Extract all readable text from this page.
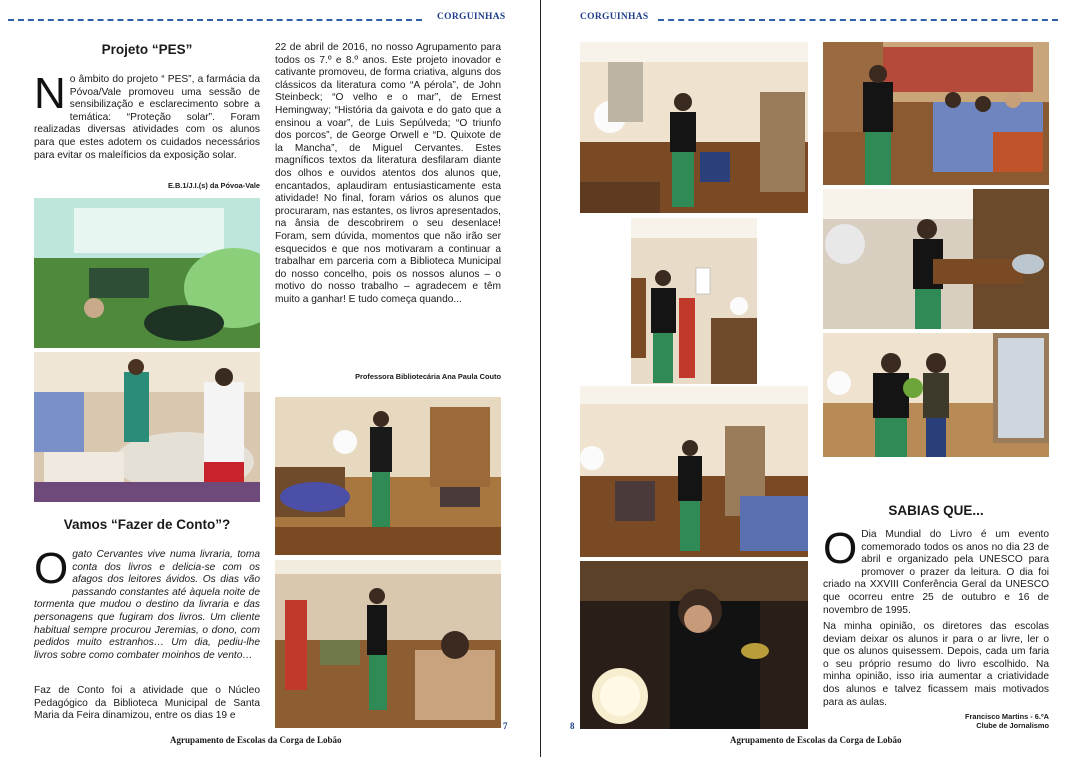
CORGUINHAS	CORGUINHAS
Projeto “PES”
No âmbito do projeto “ PES”, a farmácia da Póvoa/Vale promoveu uma sessão de sensibilização e esclarecimento sobre a temática: “Proteção solar”. Foram realizadas diversas atividades com os alunos para que estes adotem os cuidados necessários para evitar os maleíficios da exposição solar.
E.B.1/J.I.(s) da Póvoa-Vale
Vamos “Fazer de Conto”?
Ogato Cervantes vive numa livraria, toma conta dos livros e delicia-se com os afagos dos leitores ávidos. Os dias vão passando constantes até àquela noite de tormenta que mudou o destino da livraria e das personagens que fugiram dos livros. Um cliente habitual sempre procurou Jeremias, o dono, com pedidos muito estranhos… Um dia, pediu-lhe livros sobre como combater moinhos de vento…
Faz de Conto foi a atividade que o Núcleo Pedagógico da Biblioteca Municipal de Santa Maria da Feira dinamizou, entre os dias 19 e
22 de abril de 2016, no nosso Agrupamento para todos os 7.º e 8.º anos. Este projeto inovador e cativante promoveu, de forma criativa, alguns dos clássicos da literatura como “A pérola”, de John Steinbeck; “O velho e o mar”, de Ernest Hemingway; “História da gaivota e do gato que a ensinou a voar”, de Luis Sepúlveda; “O triunfo dos porcos”, de George Orwell e “D. Quixote de la Mancha”, de Miguel Cervantes. Estes magníficos textos da literatura desfilaram diante dos olhos e ouvidos atentos dos alunos que, encantados, aplaudiram entusiasticamente esta atividade! No final, foram vários os alunos que procuraram, nas estantes, os livros apresentados, na ânsia de descobrirem o seu desenlace! Foram, sem dúvida, momentos que não irão ser esquecidos e que nos motivaram a continuar a trabalhar em parceria com a Biblioteca Municipal do nosso concelho, pois os nossos alunos – o motivo do nosso trabalho – agradecem e têm muito a ganhar! E tudo começa quando...
Professora Bibliotecária Ana Paula Couto
7
Agrupamento de Escolas da Corga de Lobão
SABIAS QUE...
O Dia Mundial do Livro é um evento comemorado todos os anos no dia 23 de abril e organizado pela UNESCO para promover o prazer da leitura. O dia foi criado na XXVIII Conferência Geral da UNESCO que ocorreu entre 25 de outubro e 16 de novembro de 1995.
Na minha opinião, os diretores das escolas deviam deixar os alunos ir para o ar livre, ler o que os alunos quisessem. Depois, cada um faria o seu próprio resumo do livro escolhido. Na minha opinião, isso iria aumentar a criatividade dos alunos e talvez ficassem mais motivados para as aulas.
Francisco Martins - 6.ºA
Clube de Jornalismo
8
Agrupamento de Escolas da Corga de Lobão
